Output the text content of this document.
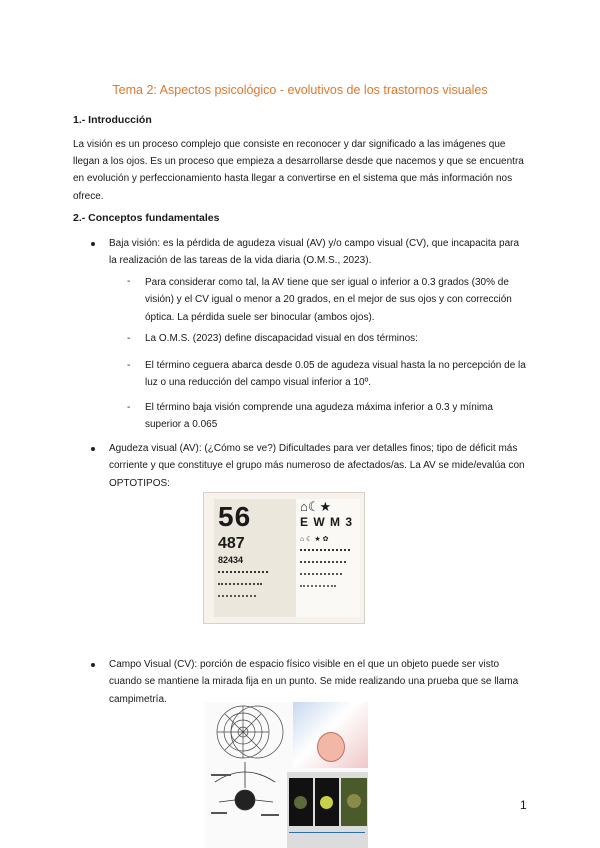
Tema 2: Aspectos psicológico - evolutivos de los trastornos visuales
1.- Introducción
La visión es un proceso complejo que consiste en reconocer y dar significado a las imágenes que llegan a los ojos. Es un proceso que empieza a desarrollarse desde que nacemos y que se encuentra en evolución y perfeccionamiento hasta llegar a convertirse en el sistema que más información nos ofrece.
2.- Conceptos fundamentales
Baja visión: es la pérdida de agudeza visual (AV) y/o campo visual (CV), que incapacita para la realización de las tareas de la vida diaria (O.M.S., 2023).
- Para considerar como tal, la AV tiene que ser igual o inferior a 0.3 grados (30% de visión) y el CV igual o menor a 20 grados, en el mejor de sus ojos y con corrección óptica. La pérdida suele ser binocular (ambos ojos).
- La O.M.S. (2023) define discapacidad visual en dos términos:
- El término ceguera abarca desde 0.05 de agudeza visual hasta la no percepción de la luz o una reducción del campo visual inferior a 10º.
- El término baja visión comprende una agudeza máxima inferior a 0.3 y mínima superior a 0.065
Agudeza visual (AV): (¿Cómo se ve?) Dificultades para ver detalles finos; tipo de déficit más corriente y que constituye el grupo más numeroso de afectados/as. La AV se mide/evalúa con OPTOTIPOS:
56
487
82434
⌂☾★
E W M 3
⌂ ☾ ★ ✿
Campo Visual (CV): porción de espacio físico visible en el que un objeto puede ser visto cuando se mantiene la mirada fija en un punto. Se mide realizando una prueba que se llama campimetría.
1
